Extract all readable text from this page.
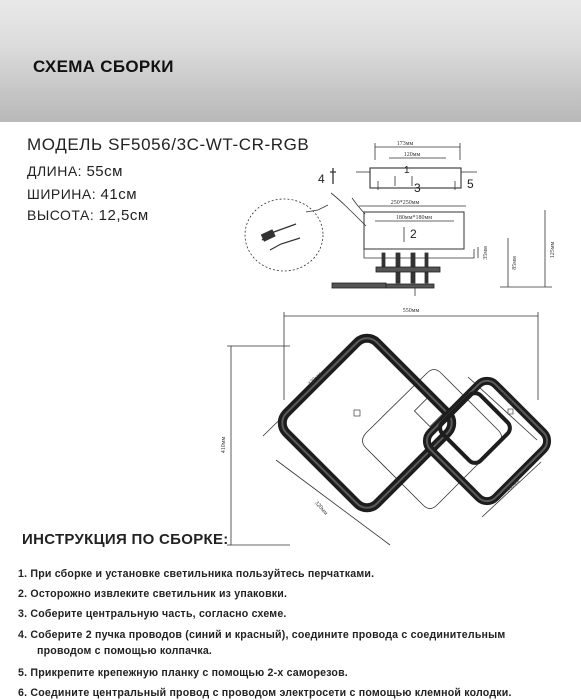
СХЕМА СБОРКИ
МОДЕЛЬ SF5056/3C-WT-CR-RGB
ДЛИНА: 55см
ШИРИНА: 41см
ВЫСОТА: 12,5см
173мм
120мм
250*250мм
180мм*180мм
35мм
85мм
125мм
4	5
3
2
1
550мм
410мм
320мм
320мм
200мм
200мм
ИНСТРУКЦИЯ ПО СБОРКЕ:
1. При сборке и установке светильника пользуйтесь перчатками.
2. Осторожно извлеките светильник из упаковки.
3. Соберите центральную часть, согласно схеме.
4. Соберите 2 пучка проводов (синий и красный), соедините провода с соединительным
проводом с помощью колпачка.
5. Прикрепите крепежную планку с помощью 2-х саморезов.
6. Соедините центральный провод с проводом электросети с помощью клемной колодки.
